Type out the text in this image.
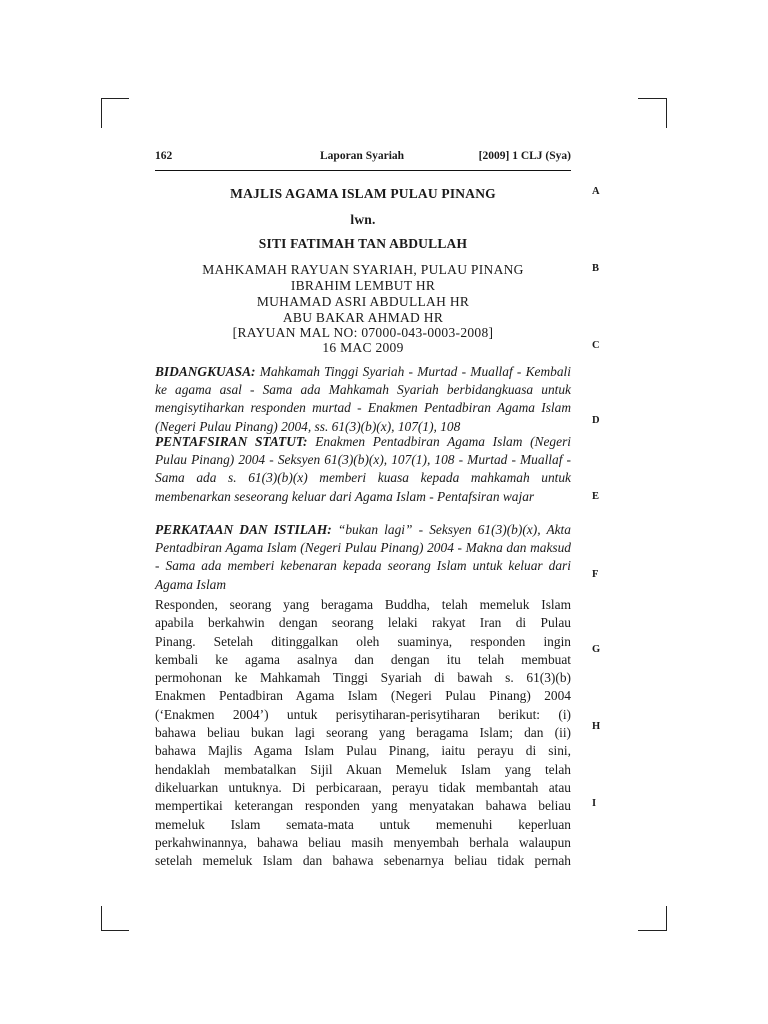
162	Laporan Syariah	[2009] 1 CLJ (Sya)
A
B
C
D
E
F
G
H
I
MAJLIS AGAMA ISLAM PULAU PINANG
lwn.
SITI FATIMAH TAN ABDULLAH
MAHKAMAH RAYUAN SYARIAH, PULAU PINANG
IBRAHIM LEMBUT HR
MUHAMAD ASRI ABDULLAH HR
ABU BAKAR AHMAD HR
[RAYUAN MAL NO: 07000-043-0003-2008]
16 MAC 2009
BIDANGKUASA: Mahkamah Tinggi Syariah - Murtad - Muallaf - Kembali ke agama asal - Sama ada Mahkamah Syariah berbidangkuasa untuk mengisytiharkan responden murtad - Enakmen Pentadbiran Agama Islam (Negeri Pulau Pinang) 2004, ss. 61(3)(b)(x), 107(1), 108
PENTAFSIRAN STATUT: Enakmen Pentadbiran Agama Islam (Negeri Pulau Pinang) 2004 - Seksyen 61(3)(b)(x), 107(1), 108 - Murtad - Muallaf - Sama ada s. 61(3)(b)(x) memberi kuasa kepada mahkamah untuk membenarkan seseorang keluar dari Agama Islam - Pentafsiran wajar
PERKATAAN DAN ISTILAH: “bukan lagi” - Seksyen 61(3)(b)(x), Akta Pentadbiran Agama Islam (Negeri Pulau Pinang) 2004 - Makna dan maksud - Sama ada memberi kebenaran kepada seorang Islam untuk keluar dari Agama Islam
Responden, seorang yang beragama Buddha, telah memeluk Islam
apabila berkahwin dengan seorang lelaki rakyat Iran di Pulau
Pinang. Setelah ditinggalkan oleh suaminya, responden ingin
kembali ke agama asalnya dan dengan itu telah membuat
permohonan ke Mahkamah Tinggi Syariah di bawah s. 61(3)(b)
Enakmen Pentadbiran Agama Islam (Negeri Pulau Pinang) 2004
(‘Enakmen 2004’) untuk perisytiharan-perisytiharan berikut: (i)
bahawa beliau bukan lagi seorang yang beragama Islam; dan (ii)
bahawa Majlis Agama Islam Pulau Pinang, iaitu perayu di sini,
hendaklah membatalkan Sijil Akuan Memeluk Islam yang telah
dikeluarkan untuknya. Di perbicaraan, perayu tidak membantah atau
mempertikai keterangan responden yang menyatakan bahawa beliau
memeluk Islam semata-mata untuk memenuhi keperluan
perkahwinannya, bahawa beliau masih menyembah berhala walaupun
setelah memeluk Islam dan bahawa sebenarnya beliau tidak pernah
